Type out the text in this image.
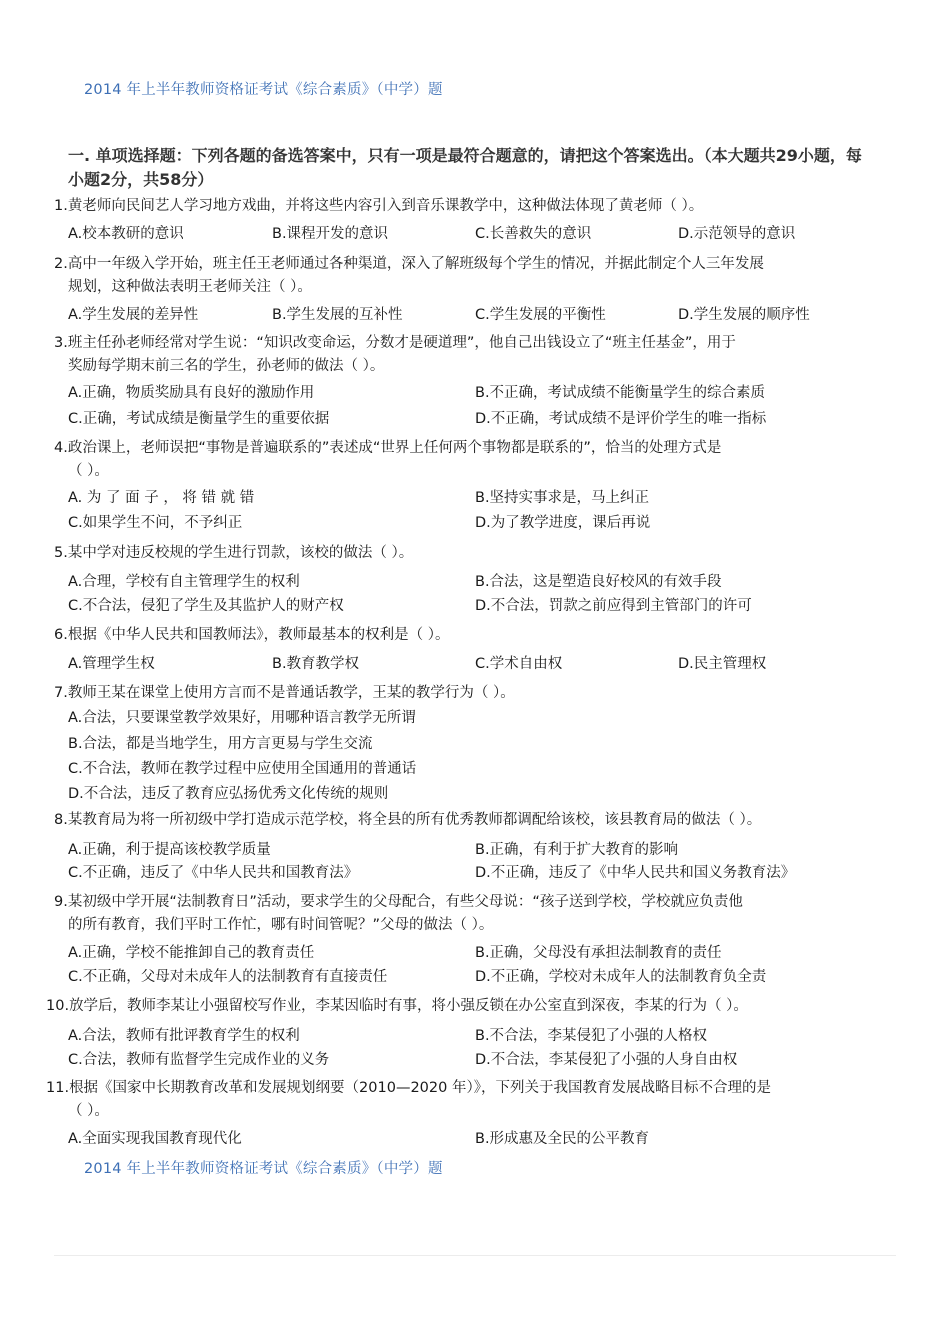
2014 年上半年教师资格证考试《综合素质》（中学）题
一. 单项选择题：下列各题的备选答案中，只有一项是最符合题意的，请把这个答案选出。（本大题共29小题，每小题2分，共58分）
1.黄老师向民间艺人学习地方戏曲，并将这些内容引入到音乐课教学中，这种做法体现了黄老师（ ）。
A.校本教研的意识	B.课程开发的意识	C.长善救失的意识	D.示范领导的意识
2.高中一年级入学开始，班主任王老师通过各种渠道，深入了解班级每个学生的情况，并据此制定个人三年发展
规划，这种做法表明王老师关注（ ）。
A.学生发展的差异性	B.学生发展的互补性	C.学生发展的平衡性	D.学生发展的顺序性
3.班主任孙老师经常对学生说：“知识改变命运，分数才是硬道理”，他自己出钱设立了“班主任基金”，用于
奖励每学期末前三名的学生，孙老师的做法（ ）。
A.正确，物质奖励具有良好的激励作用	B.不正确，考试成绩不能衡量学生的综合素质
C.正确，考试成绩是衡量学生的重要依据	D.不正确，考试成绩不是评价学生的唯一指标
4.政治课上，老师误把“事物是普遍联系的”表述成“世界上任何两个事物都是联系的”，恰当的处理方式是
（ ）。
A. 为 了 面 子 ， 将 错 就 错	B.坚持实事求是，马上纠正
C.如果学生不问，不予纠正	D.为了教学进度，课后再说
5.某中学对违反校规的学生进行罚款，该校的做法（ ）。
A.合理，学校有自主管理学生的权利	B.合法，这是塑造良好校风的有效手段
C.不合法，侵犯了学生及其监护人的财产权	D.不合法，罚款之前应得到主管部门的许可
6.根据《中华人民共和国教师法》，教师最基本的权利是（ ）。
A.管理学生权	B.教育教学权	C.学术自由权	D.民主管理权
7.教师王某在课堂上使用方言而不是普通话教学，王某的教学行为（ ）。
A.合法，只要课堂教学效果好，用哪种语言教学无所谓
B.合法，都是当地学生，用方言更易与学生交流
C.不合法，教师在教学过程中应使用全国通用的普通话
D.不合法，违反了教育应弘扬优秀文化传统的规则
8.某教育局为将一所初级中学打造成示范学校，将全县的所有优秀教师都调配给该校，该县教育局的做法（ ）。
A.正确，利于提高该校教学质量	B.正确，有利于扩大教育的影响
C.不正确，违反了《中华人民共和国教育法》	D.不正确，违反了《中华人民共和国义务教育法》
9.某初级中学开展“法制教育日”活动，要求学生的父母配合，有些父母说：“孩子送到学校，学校就应负责他
的所有教育，我们平时工作忙，哪有时间管呢？”父母的做法（ ）。
A.正确，学校不能推卸自己的教育责任	B.正确，父母没有承担法制教育的责任
C.不正确，父母对未成年人的法制教育有直接责任	D.不正确，学校对未成年人的法制教育负全责
10.放学后，教师李某让小强留校写作业，李某因临时有事，将小强反锁在办公室直到深夜，李某的行为（ ）。
A.合法，教师有批评教育学生的权利	B.不合法，李某侵犯了小强的人格权
C.合法，教师有监督学生完成作业的义务	D.不合法，李某侵犯了小强的人身自由权
11.根据《国家中长期教育改革和发展规划纲要（2010—2020 年）》，下列关于我国教育发展战略目标不合理的是
（ ）。
A.全面实现我国教育现代化	B.形成惠及全民的公平教育
2014 年上半年教师资格证考试《综合素质》（中学）题
